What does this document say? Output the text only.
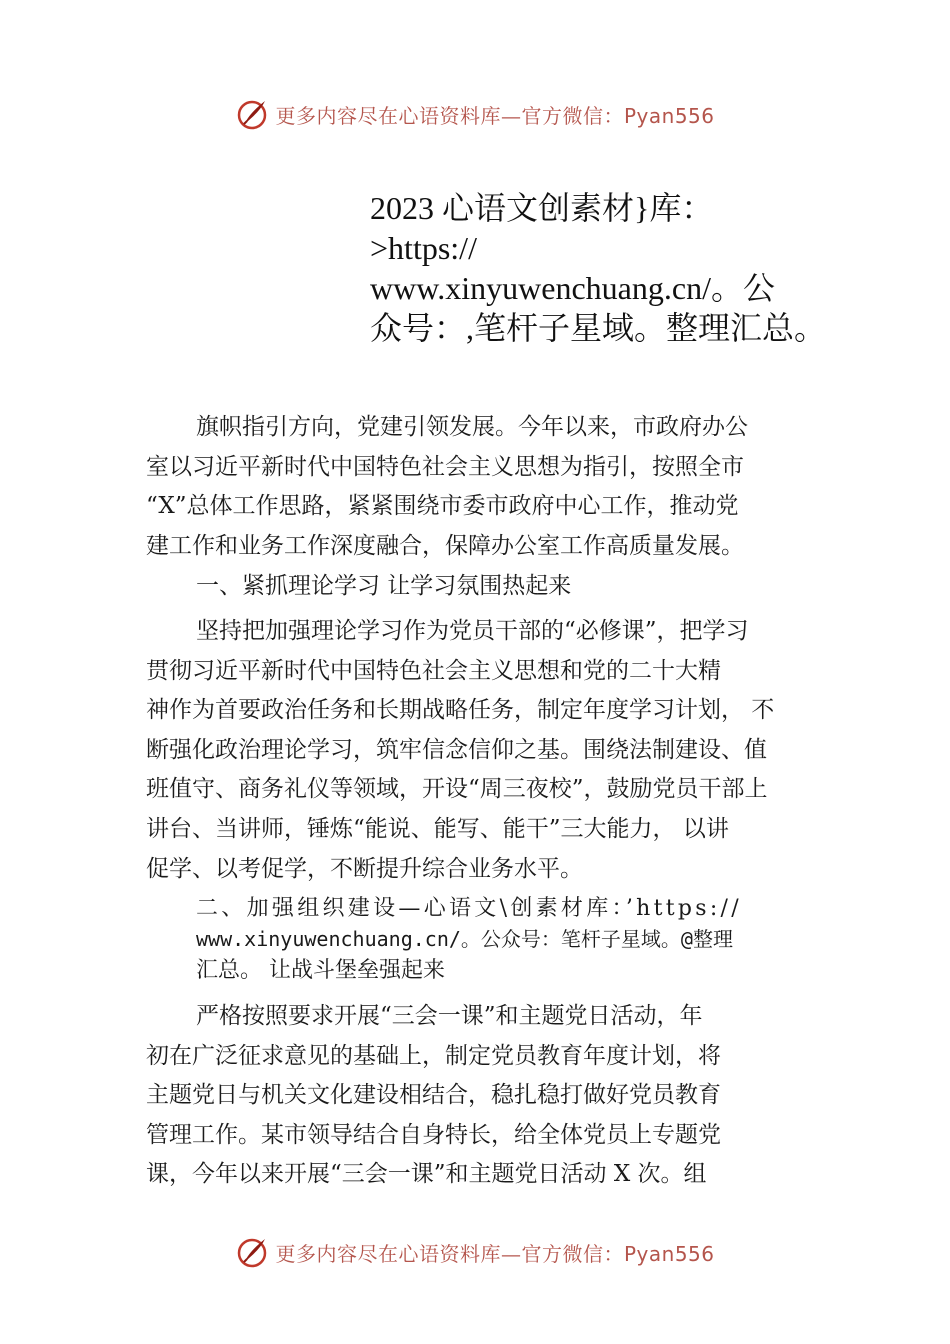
更多内容尽在心语资料库—官方微信：Pyan556
2023 心语文创素材}库：
>https://
www.xinyuwenchuang.cn/。公
众号：,笔杆子星域。整理汇总。
旗帜指引方向，党建引领发展。今年以来，市政府办公
室以习近平新时代中国特色社会主义思想为指引，按照全市
“X”总体工作思路，紧紧围绕市委市政府中心工作，推动党
建工作和业务工作深度融合，保障办公室工作高质量发展。
一、紧抓理论学习 让学习氛围热起来
坚持把加强理论学习作为党员干部的“必修课”，把学习
贯彻习近平新时代中国特色社会主义思想和党的二十大精
神作为首要政治任务和长期战略任务，制定年度学习计划， 不
断强化政治理论学习，筑牢信念信仰之基。围绕法制建设、值
班值守、商务礼仪等领域，开设“周三夜校”，鼓励党员干部上
讲台、当讲师，锤炼“能说、能写、能干”三大能力， 以讲
促学、以考促学，不断提升综合业务水平。
二、加强组织建设—心语文\创素材库：’https://
www.xinyuwenchuang.cn/。公众号：笔杆子星域。@整理
汇总。 让战斗堡垒强起来
严格按照要求开展“三会一课”和主题党日活动，年
初在广泛征求意见的基础上，制定党员教育年度计划，将
主题党日与机关文化建设相结合，稳扎稳打做好党员教育
管理工作。某市领导结合自身特长，给全体党员上专题党
课，今年以来开展“三会一课”和主题党日活动 X 次。组
更多内容尽在心语资料库—官方微信：Pyan556
